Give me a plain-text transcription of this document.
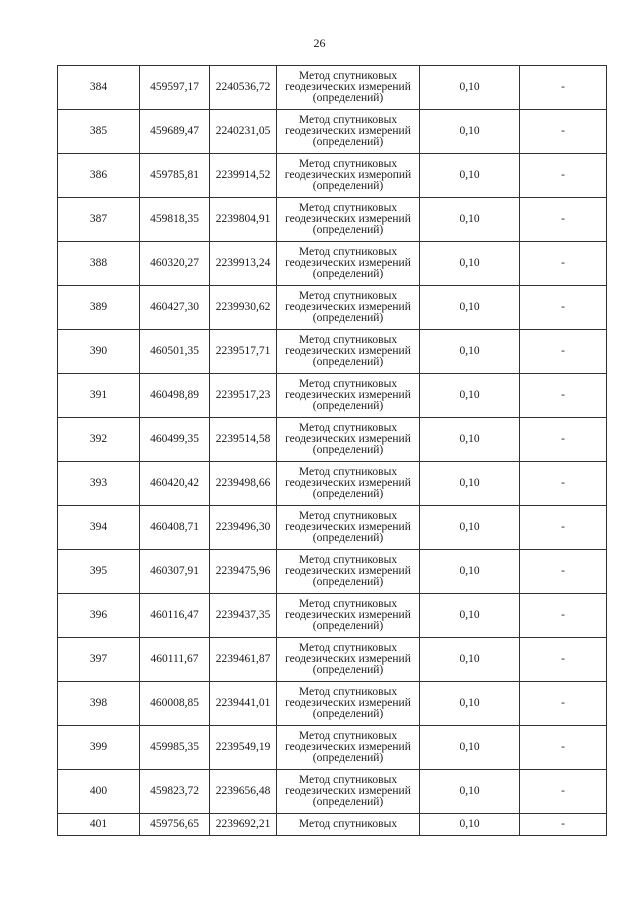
26
384	459597,17	2240536,72	Метод спутниковых
геодезических измерений
(определений)	0,10	-
385	459689,47	2240231,05	Метод спутниковых
геодезических измерений
(определений)	0,10	-
386	459785,81	2239914,52	Метод спутниковых
геодезических измеропий
(определений)	0,10	-
387	459818,35	2239804,91	Метод спутниковых
геодезических измерений
(определений)	0,10	-
388	460320,27	2239913,24	Метод спутниковых
геодезических измерений
(определений)	0,10	-
389	460427,30	2239930,62	Метод спутниковых
геодезических измерений
(определений)	0,10	-
390	460501,35	2239517,71	Метод спутниковых
геодезических измерений
(определений)	0,10	-
391	460498,89	2239517,23	Метод спутниковых
геодезических измерений
(определений)	0,10	-
392	460499,35	2239514,58	Метод спутниковых
геодезических измерений
(определений)	0,10	-
393	460420,42	2239498,66	Метод спутниковых
геодезических измерений
(определений)	0,10	-
394	460408,71	2239496,30	Метод спутниковых
геодезических измерений
(определений)	0,10	-
395	460307,91	2239475,96	Метод спутниковых
геодезических измерений
(определений)	0,10	-
396	460116,47	2239437,35	Метод спутниковых
геодезических измерений
(определений)	0,10	-
397	460111,67	2239461,87	Метод спутниковых
геодезических измерений
(определений)	0,10	-
398	460008,85	2239441,01	Метод спутниковых
геодезических измерений
(определений)	0,10	-
399	459985,35	2239549,19	Метод спутниковых
геодезических измерений
(определений)	0,10	-
400	459823,72	2239656,48	Метод спутниковых
геодезических измерений
(определений)	0,10	-
401	459756,65	2239692,21	Метод спутниковых	0,10	-
